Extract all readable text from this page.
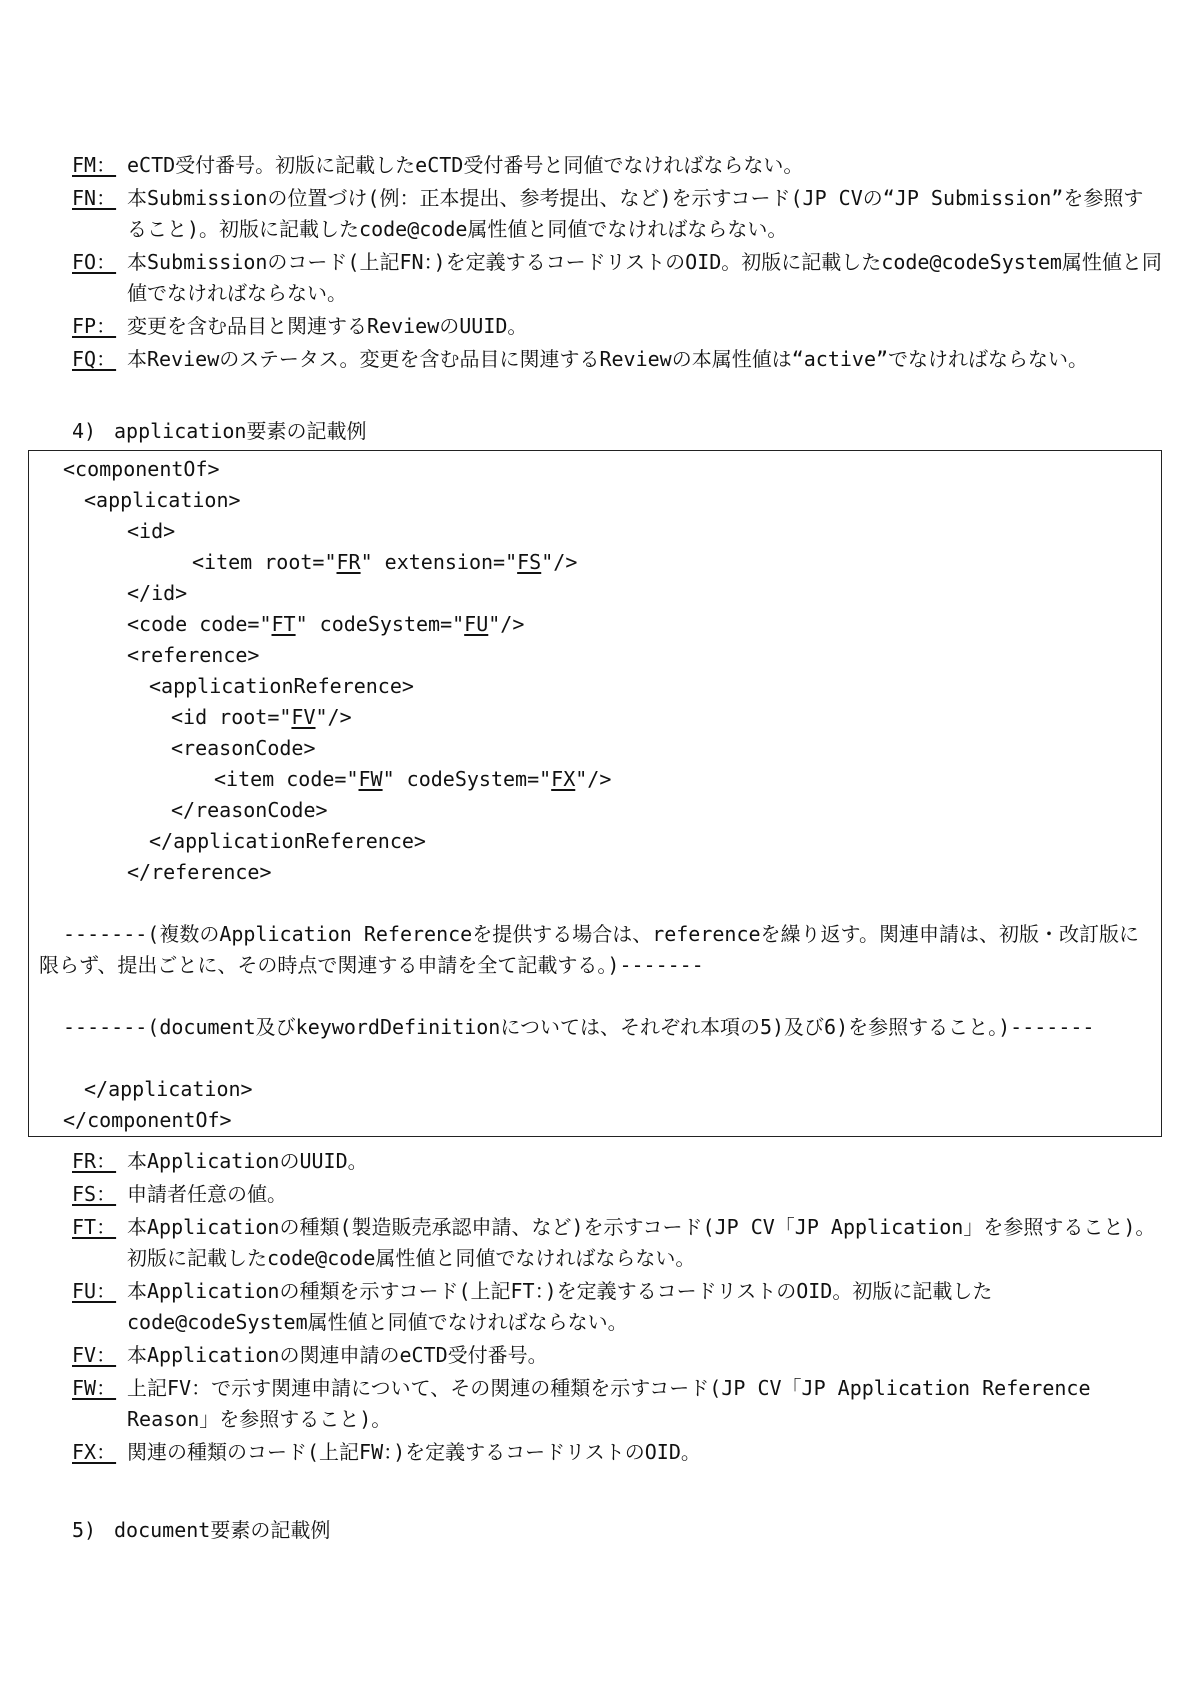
FM： eCTD受付番号。初版に記載したeCTD受付番号と同値でなければならない。
FN： 本Submissionの位置づけ(例：正本提出、参考提出、など)を示すコード(JP CVの“JP Submission”を参照すること)。初版に記載したcode@code属性値と同値でなければならない。
FO： 本Submissionのコード(上記FN：)を定義するコードリストのOID。初版に記載したcode@codeSystem属性値と同値でなければならない。
FP： 変更を含む品目と関連するReviewのUUID。
FQ： 本Reviewのステータス。変更を含む品目に関連するReviewの本属性値は“active”でなければならない。
4) application要素の記載例
<componentOf>
<application>
<id>
<item root="FR" extension="FS"/>
</id>
<code code="FT" codeSystem="FU"/>
<reference>
<applicationReference>
<id root="FV"/>
<reasonCode>
<item code="FW" codeSystem="FX"/>
</reasonCode>
</applicationReference>
</reference>
-------(複数のApplication Referenceを提供する場合は、referenceを繰り返す。関連申請は、初版・改訂版に限らず、提出ごとに、その時点で関連する申請を全て記載する。)-------
-------(document及びkeywordDefinitionについては、それぞれ本項の5)及び6)を参照すること。)-------
</application>
</componentOf>
FR： 本ApplicationのUUID。
FS： 申請者任意の値。
FT： 本Applicationの種類(製造販売承認申請、など)を示すコード(JP CV「JP Application」を参照すること)。初版に記載したcode@code属性値と同値でなければならない。
FU： 本Applicationの種類を示すコード(上記FT：)を定義するコードリストのOID。初版に記載したcode@codeSystem属性値と同値でなければならない。
FV： 本Applicationの関連申請のeCTD受付番号。
FW： 上記FV：で示す関連申請について、その関連の種類を示すコード(JP CV「JP Application Reference Reason」を参照すること)。
FX： 関連の種類のコード(上記FW：)を定義するコードリストのOID。
5) document要素の記載例
